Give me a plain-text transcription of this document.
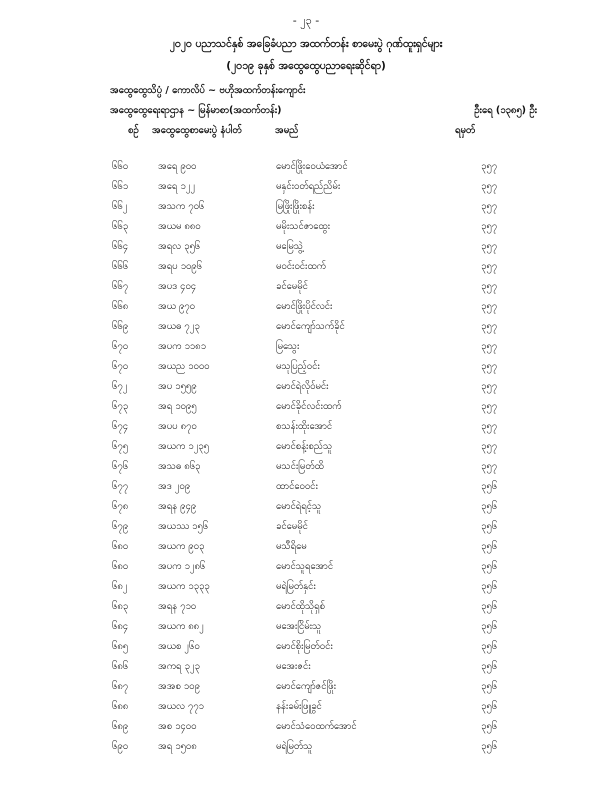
- ၂၃ -
၂၀၂၀ ပညာသင်နှစ် အခြေခံပညာ အထက်တန်း စာမေးပွဲ ဂုဏ်ထူးရှင်များ
(၂၀၁၉ ခုနှစ် အထွေထွေပညာရေးဆိုင်ရာ)
အထွေထွေသိပ္ပံ / ကောလိပ် ~ ဗဟိုအထက်တန်းကျောင်း
အထွေထွေရေးရာဌာန ~ မြန်မာစာ(အထက်တန်း)	ဦးရေ (၁၃၈၅) ဦး
စဉ် အထွေထွေစာမေးပွဲ နံပါတ်	အမည်	ရမှတ်
၆၆၀	အရေ ၉၀၀	မောင်ဖြိုးဝေယံအောင်	၃၅၇
၆၆၁	အရေ ၁၂၂	မနှင်းဝတ်ရည်ညိမ်း	၃၅၇
၆၆၂	အသက ၇၀၆	မြဖြိုးဖြိုးစန်း	၃၅၇
၆၆၃	အယမ ၈၈၀	မမိုးသင်ဇာထွေး	၃၅၇
၆၆၄	အရလ ၃၅၆	မမြေသွဲ့	၃၅၇
၆၆၆	အရပ ၁၀၉၆	မဝင်းဝင်းထက်	၃၅၇
၆၆၇	အပဒ ၄၀၄	ခင်မေမိုင်	၃၅၇
၆၆၈	အယ ၉၇၀	မောင်ဖြိုးပိုင်လင်း	၃၅၇
၆၆၉	အယဓ ၇၂၃	မောင်ကျော်သက်ခိုင်	၃၅၇
၆၇၀	အပက ၁၁၈၁	မြသွေး	၃၅၇
၆၇၀	အယည ၁၀၀၀	မသုပြည့်ဝင်း	၃၅၇
၆၇၂	အပ ၁၅၅၉	မောင်ရဲလိုဝ်မင်း	၃၅၇
၆၇၃	အရ ၁၀၉၅	မောင်ခိုင်လင်းထက်	၃၅၇
၆၇၄	အပပ ၈၇၀	စသန်းထိုးအောင်	၃၅၇
၆၇၅	အယက ၁၂၃၅	မောင်စန့်းစည်သူ	၃၅၇
၆၇၆	အသဓ ၈၆၃	မသင်းမြတ်ထိ	၃၅၇
၆၇၇	အဒ ၂၀၉	ထာင်ဝေဝင်း	၃၅၆
၆၇၈	အရန ၉၄၉	မောင်ရဲရင့်သူ	၃၅၆
၆၇၉	အယဿ ၁၅၆	ခင်မေမိုင်	၃၅၆
၆၈၀	အယက ၉၀၃	မသီရိမေ	၃၅၆
၆၈၀	အပက ၁၂၈၆	မောင်သူရအောင်	၃၅၆
၆၈၂	အယက ၁၃၃၃	မရဲမြတ်နှင်း	၃၅၆
၆၈၃	အရန ၇၁၀	မောင်ထိုသိုရှစ်	၃၅၆
၆၈၄	အယက ၈၈၂	မအေးငြိမ်းသူ	၃၅၆
၆၈၅	အယစ ၂၆၀	မောင်စိုးမြတ်ဝင်း	၃၅၆
၆၈၆	အကရ ၃၂၃	မအေးဇင်း	၃၅၆
၆၈၇	အအစ ၁၀၉	မောင်ကျော်ဇင်ဖြိုး	၃၅၆
၆၈၈	အယလ ၇၇၁	နန်းခမ်းဖြူခွင်	၃၅၆
၆၈၉	အစ ၁၄၀၀	မောင်သံဝေထက်အောင်	၃၅၆
၆၉၀	အရ ၁၅၀၈	မရဲမြတ်သူ	၃၅၆
